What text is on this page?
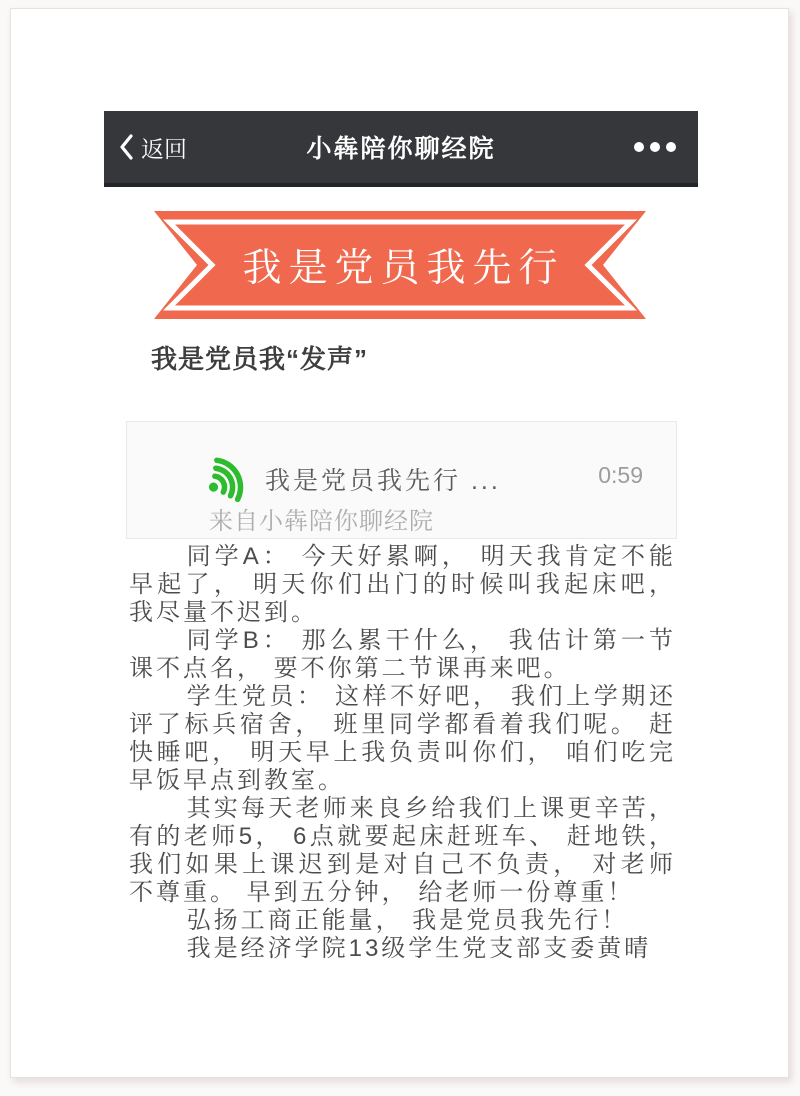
返回	小犇陪你聊经院
我是党员我先行
我是党员我“发声”
我是党员我先行 ...	0:59
来自小犇陪你聊经院

同学A： 今天好累啊， 明天我肯定不能早起了， 明天你们出门的时候叫我起床吧， 我尽量不迟到。

同学B： 那么累干什么， 我估计第一节课不点名， 要不你第二节课再来吧。

学生党员： 这样不好吧， 我们上学期还评了标兵宿舍， 班里同学都看着我们呢。 赶快睡吧， 明天早上我负责叫你们， 咱们吃完早饭早点到教室。

其实每天老师来良乡给我们上课更辛苦， 有的老师5， 6点就要起床赶班车、 赶地铁， 我们如果上课迟到是对自己不负责， 对老师不尊重。 早到五分钟， 给老师一份尊重！

弘扬工商正能量， 我是党员我先行！

我是经济学院13级学生党支部支委黄晴
